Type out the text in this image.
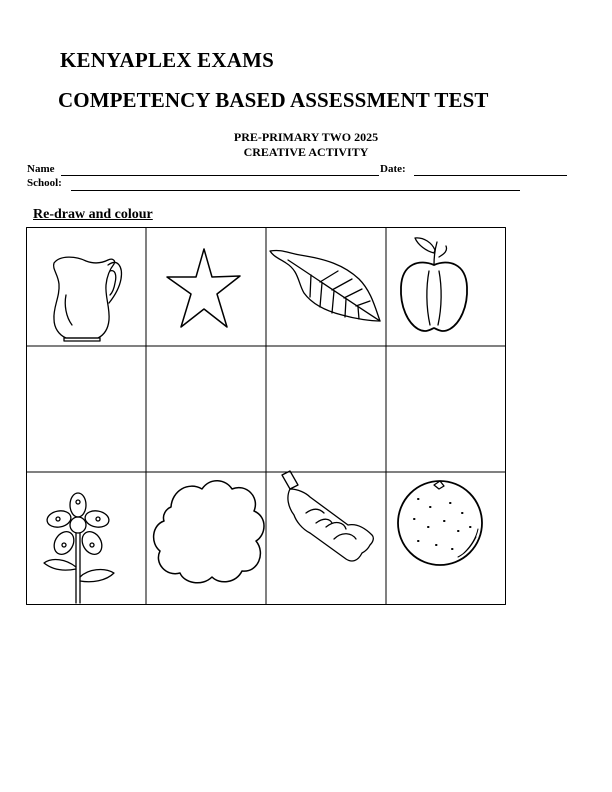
KENYAPLEX EXAMS
COMPETENCY BASED ASSESSMENT TEST
PRE-PRIMARY TWO 2025
CREATIVE ACTIVITY
Name	Date:
School:
Re-draw and colour
